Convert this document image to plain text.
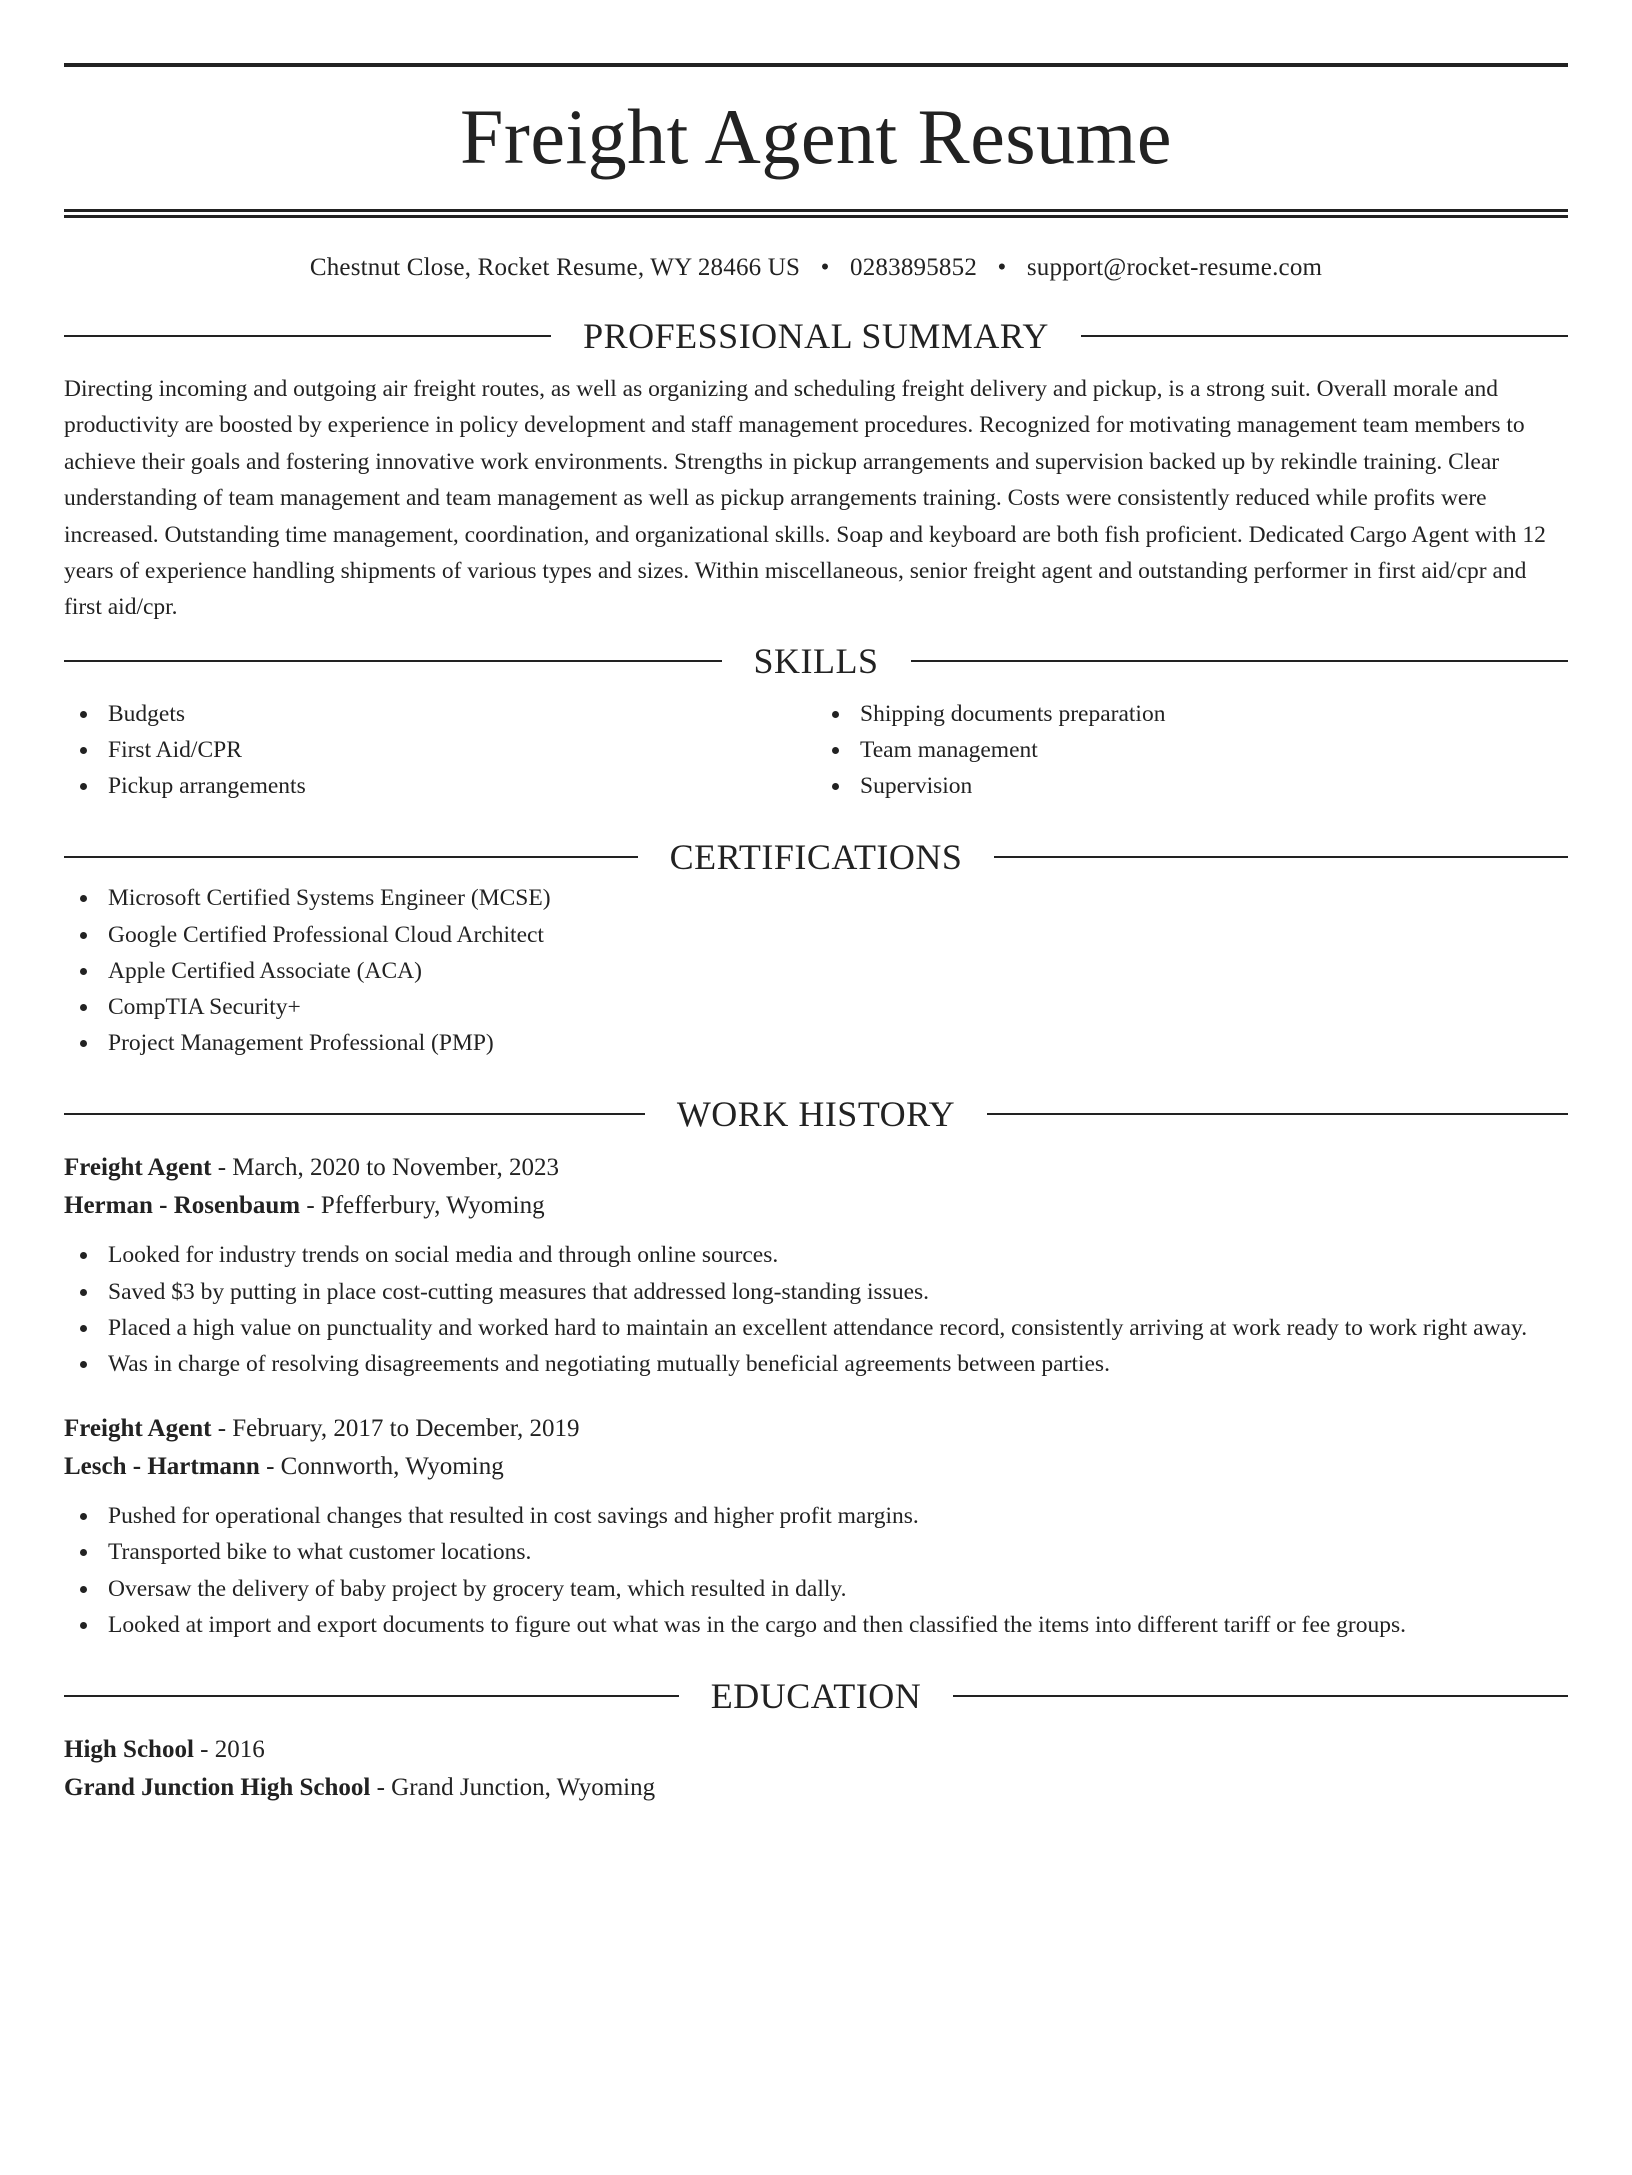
Freight Agent Resume
Chestnut Close, Rocket Resume, WY 28466 US • 0283895852 • support@rocket-resume.com
PROFESSIONAL SUMMARY

Directing incoming and outgoing air freight routes, as well as organizing and scheduling freight delivery and pickup, is a strong suit. Overall morale and productivity are boosted by experience in policy development and staff management procedures. Recognized for motivating management team members to achieve their goals and fostering innovative work environments. Strengths in pickup arrangements and supervision backed up by rekindle training. Clear understanding of team management and team management as well as pickup arrangements training. Costs were consistently reduced while profits were increased. Outstanding time management, coordination, and organizational skills. Soap and keyboard are both fish proficient. Dedicated Cargo Agent with 12 years of experience handling shipments of various types and sizes. Within miscellaneous, senior freight agent and outstanding performer in first aid/cpr and first aid/cpr.

SKILLS
Budgets
First Aid/CPR
Pickup arrangements
Shipping documents preparation
Team management
Supervision
CERTIFICATIONS
Microsoft Certified Systems Engineer (MCSE)
Google Certified Professional Cloud Architect
Apple Certified Associate (ACA)
CompTIA Security+
Project Management Professional (PMP)
WORK HISTORY
Freight Agent - March, 2020 to November, 2023
Herman - Rosenbaum - Pfefferbury, Wyoming
Looked for industry trends on social media and through online sources.
Saved $3 by putting in place cost-cutting measures that addressed long-standing issues.
Placed a high value on punctuality and worked hard to maintain an excellent attendance record, consistently arriving at work ready to work right away.
Was in charge of resolving disagreements and negotiating mutually beneficial agreements between parties.
Freight Agent - February, 2017 to December, 2019
Lesch - Hartmann - Connworth, Wyoming
Pushed for operational changes that resulted in cost savings and higher profit margins.
Transported bike to what customer locations.
Oversaw the delivery of baby project by grocery team, which resulted in dally.
Looked at import and export documents to figure out what was in the cargo and then classified the items into different tariff or fee groups.
EDUCATION
High School - 2016
Grand Junction High School - Grand Junction, Wyoming
